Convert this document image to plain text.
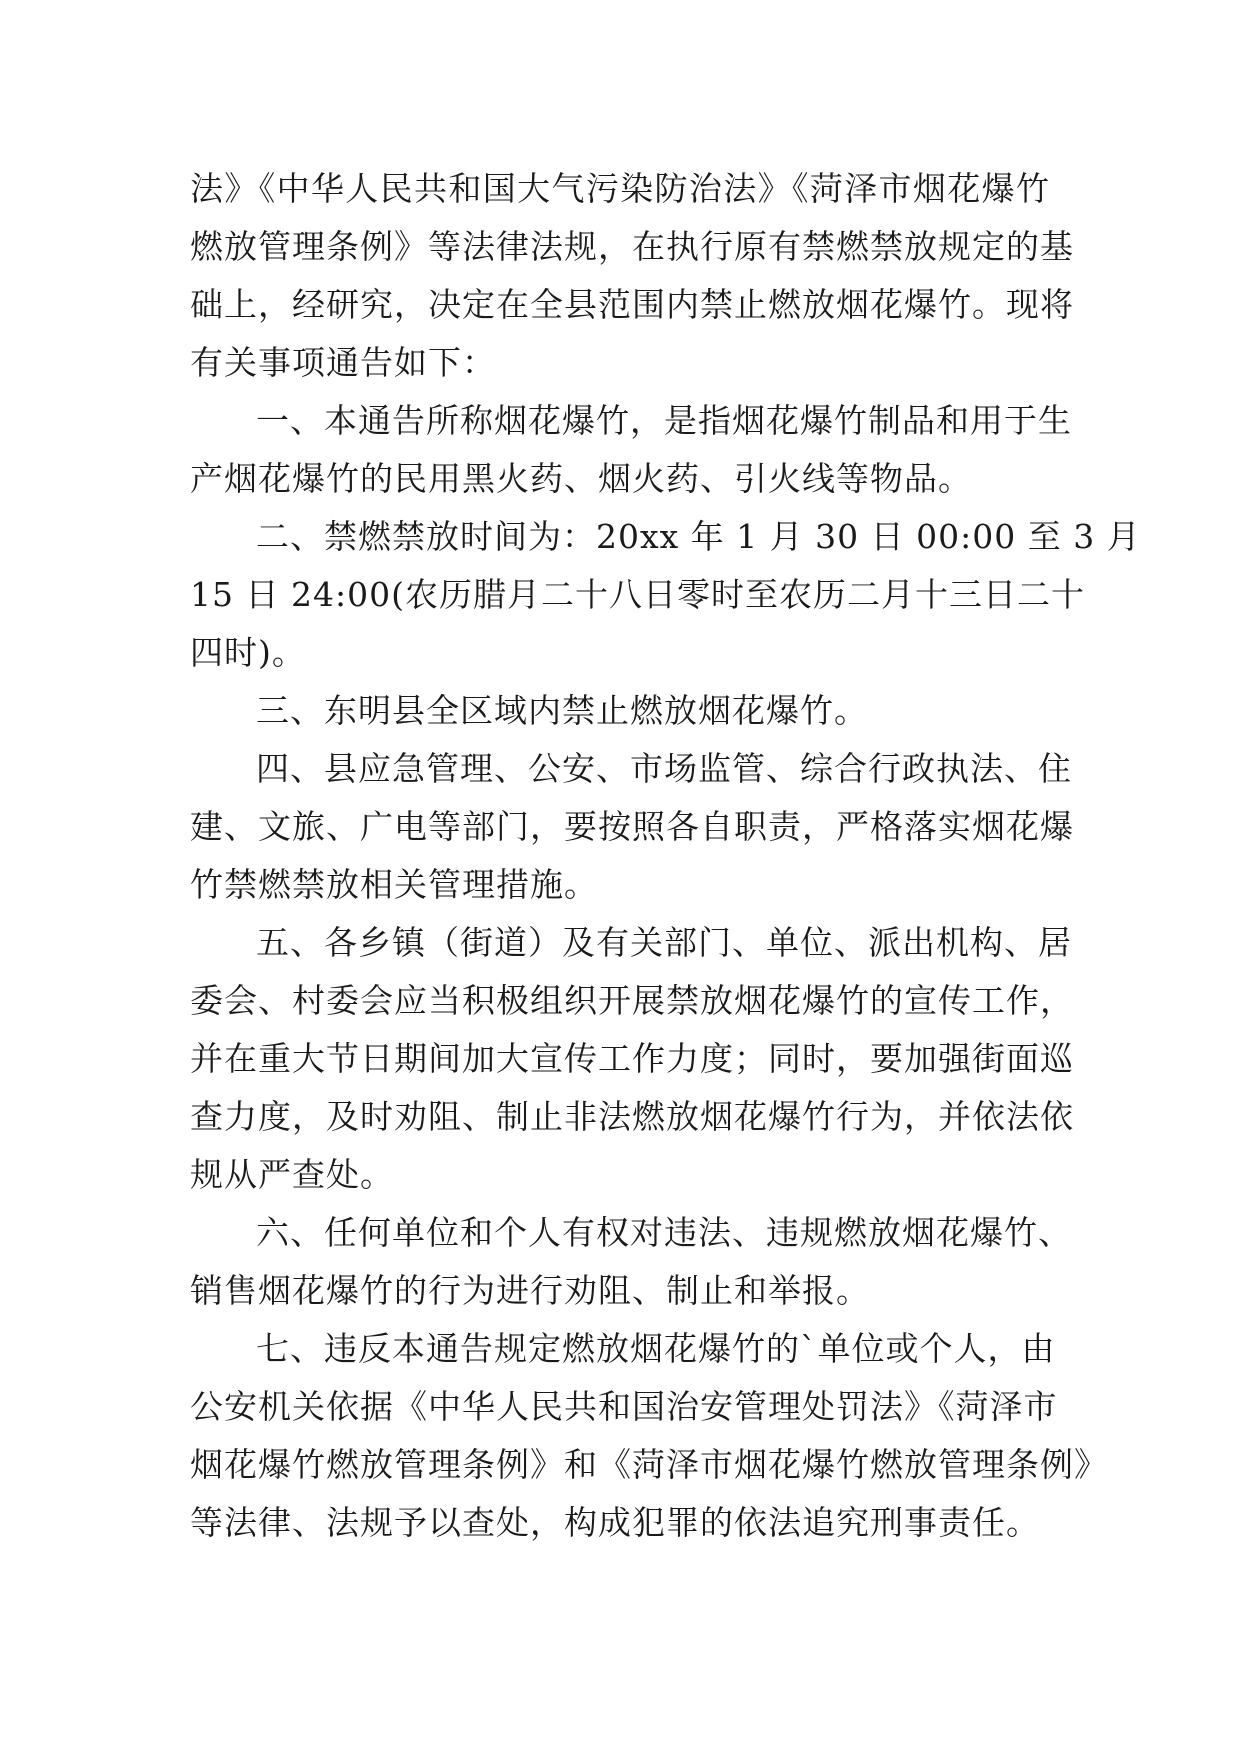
法》《中华人民共和国大气污染防治法》《菏泽市烟花爆竹
燃放管理条例》等法律法规，在执行原有禁燃禁放规定的基
础上，经研究，决定在全县范围内禁止燃放烟花爆竹。现将
有关事项通告如下：
一、本通告所称烟花爆竹，是指烟花爆竹制品和用于生
产烟花爆竹的民用黑火药、烟火药、引火线等物品。
二、禁燃禁放时间为：20xx 年 1 月 30 日 00:00 至 3 月
15 日 24:00(农历腊月二十八日零时至农历二月十三日二十
四时)。
三、东明县全区域内禁止燃放烟花爆竹。
四、县应急管理、公安、市场监管、综合行政执法、住
建、文旅、广电等部门，要按照各自职责，严格落实烟花爆
竹禁燃禁放相关管理措施。
五、各乡镇（街道）及有关部门、单位、派出机构、居
委会、村委会应当积极组织开展禁放烟花爆竹的宣传工作，
并在重大节日期间加大宣传工作力度；同时，要加强街面巡
查力度，及时劝阻、制止非法燃放烟花爆竹行为，并依法依
规从严查处。
六、任何单位和个人有权对违法、违规燃放烟花爆竹、
销售烟花爆竹的行为进行劝阻、制止和举报。
七、违反本通告规定燃放烟花爆竹的`单位或个人，由
公安机关依据《中华人民共和国治安管理处罚法》《菏泽市
烟花爆竹燃放管理条例》和《菏泽市烟花爆竹燃放管理条例》
等法律、法规予以查处，构成犯罪的依法追究刑事责任。
